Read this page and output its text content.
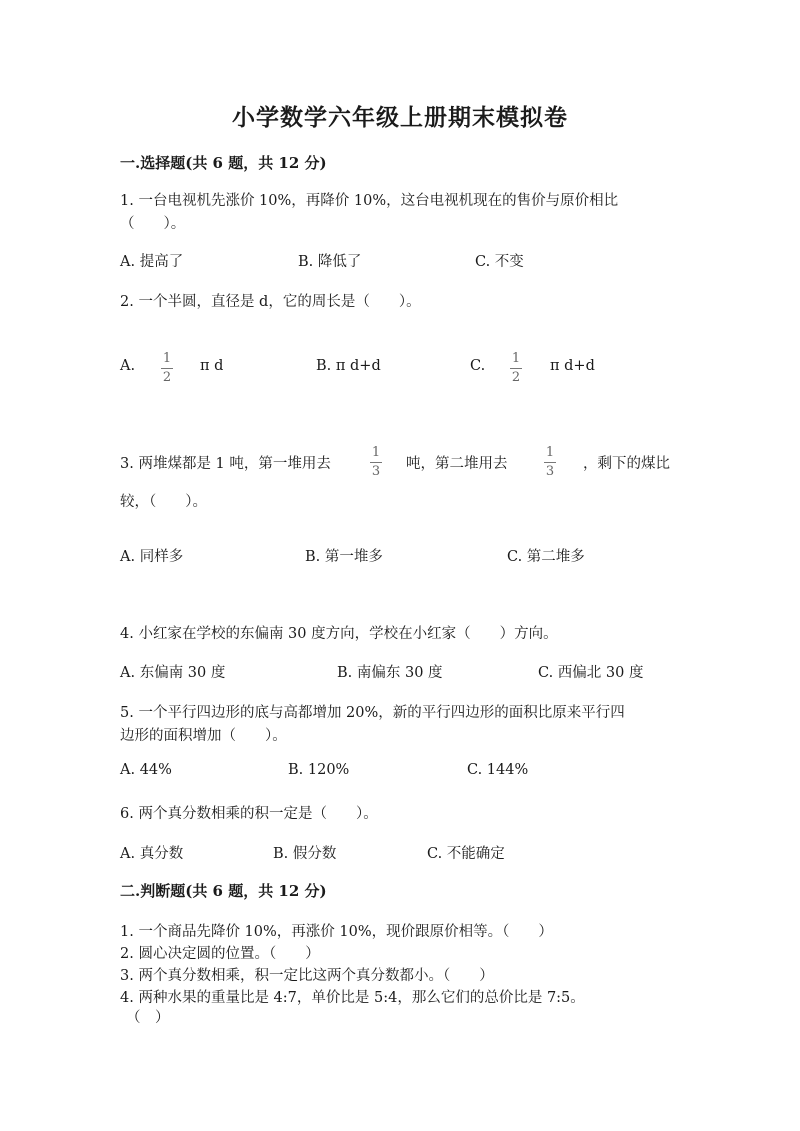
小学数学六年级上册期末模拟卷
一.选择题(共 6 题，共 12 分)
1. 一台电视机先涨价 10%，再降价 10%，这台电视机现在的售价与原价相比
（　　）。
A. 提高了	B. 降低了	C. 不变
2. 一个半圆，直径是 d，它的周长是（　　）。
A. 1
2
π d	B. π d+d	C. 1
2
π d+d
3. 两堆煤都是 1 吨，第一堆用去
1
3 吨，第二堆用去
1
3 ，剩下的煤比
较，（　　）。
A. 同样多	B. 第一堆多	C. 第二堆多
4. 小红家在学校的东偏南 30 度方向，学校在小红家（　　）方向。
A. 东偏南 30 度	B. 南偏东 30 度	C. 西偏北 30 度
5. 一个平行四边形的底与高都增加 20%，新的平行四边形的面积比原来平行四
边形的面积增加（　　）。
A. 44%	B. 120%	C. 144%
6. 两个真分数相乘的积一定是（　　）。
A. 真分数	B. 假分数	C. 不能确定
二.判断题(共 6 题，共 12 分)
1. 一个商品先降价 10%，再涨价 10%，现价跟原价相等。（　　）
2. 圆心决定圆的位置。（　　）
3. 两个真分数相乘，积一定比这两个真分数都小。（　　）
4. 两种水果的重量比是 4:7，单价比是 5:4，那么它们的总价比是 7:5。
（　）
